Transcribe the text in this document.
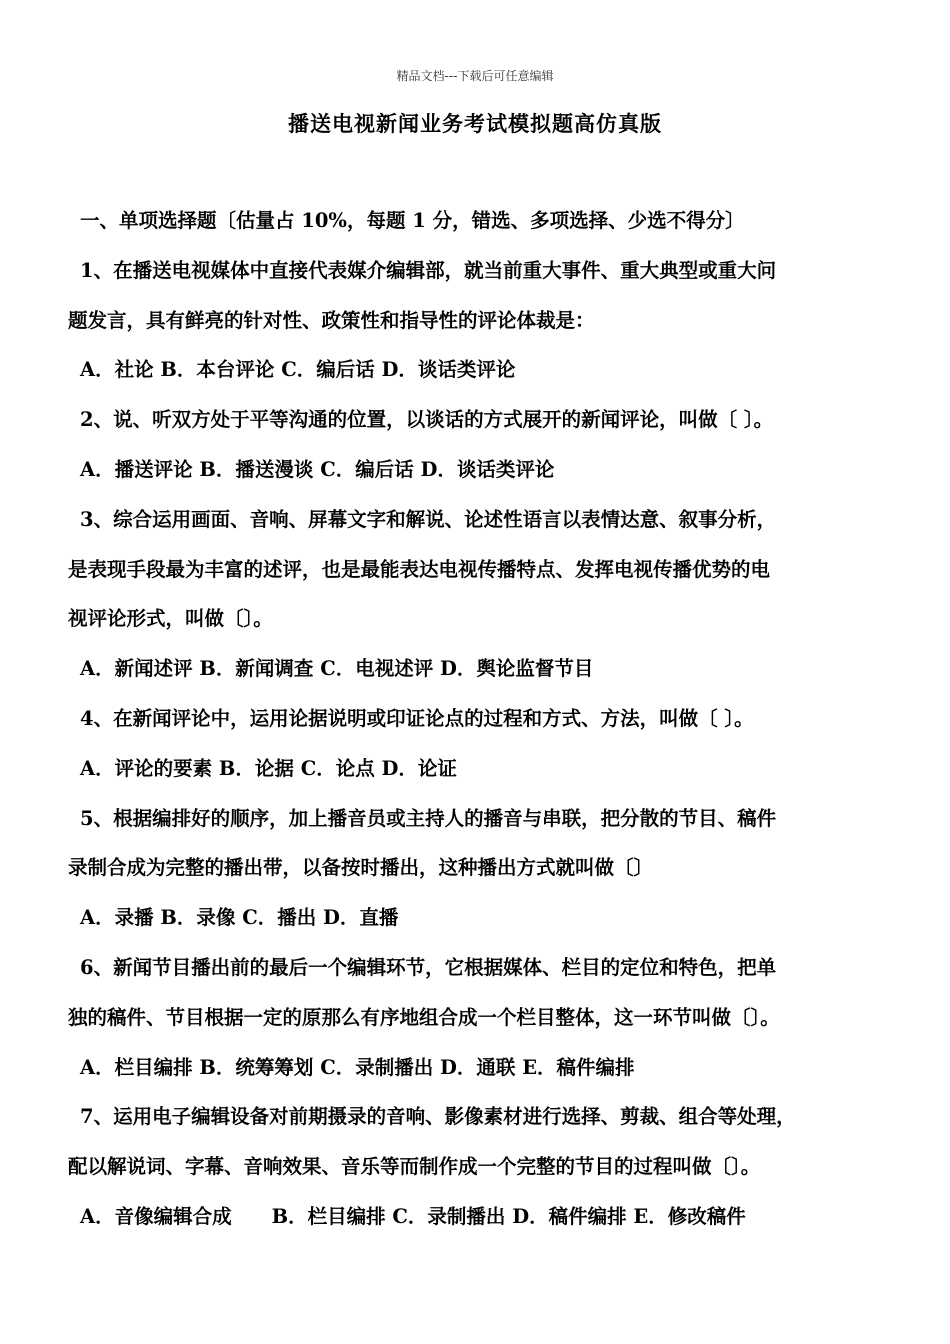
精品文档---下载后可任意编辑
播送电视新闻业务考试模拟题高仿真版
一、单项选择题〔估量占 10%，每题 1 分，错选、多项选择、少选不得分〕
1、在播送电视媒体中直接代表媒介编辑部，就当前重大事件、重大典型或重大问
题发言，具有鲜亮的针对性、政策性和指导性的评论体裁是：
A．社论 B．本台评论 C．编后话 D．谈话类评论
2、说、听双方处于平等沟通的位置，以谈话的方式展开的新闻评论，叫做〔 〕。
A．播送评论 B．播送漫谈 C．编后话 D．谈话类评论
3、综合运用画面、音响、屏幕文字和解说、论述性语言以表情达意、叙事分析，
是表现手段最为丰富的述评，也是最能表达电视传播特点、发挥电视传播优势的电
视评论形式，叫做〔〕。
A．新闻述评 B．新闻调查 C．电视述评 D．舆论监督节目
4、在新闻评论中，运用论据说明或印证论点的过程和方式、方法，叫做〔 〕。
A．评论的要素 B．论据 C．论点 D．论证
5、根据编排好的顺序，加上播音员或主持人的播音与串联，把分散的节目、稿件
录制合成为完整的播出带，以备按时播出，这种播出方式就叫做〔〕
A．录播 B．录像 C．播出 D．直播
6、新闻节目播出前的最后一个编辑环节，它根据媒体、栏目的定位和特色，把单
独的稿件、节目根据一定的原那么有序地组合成一个栏目整体，这一环节叫做〔〕。
A．栏目编排 B．统筹筹划 C．录制播出 D．通联 E．稿件编排
7、运用电子编辑设备对前期摄录的音响、影像素材进行选择、剪裁、组合等处理，
配以解说词、字幕、音响效果、音乐等而制作成一个完整的节目的过程叫做〔〕。
A．音像编辑合成 B．栏目编排 C．录制播出 D．稿件编排 E．修改稿件
